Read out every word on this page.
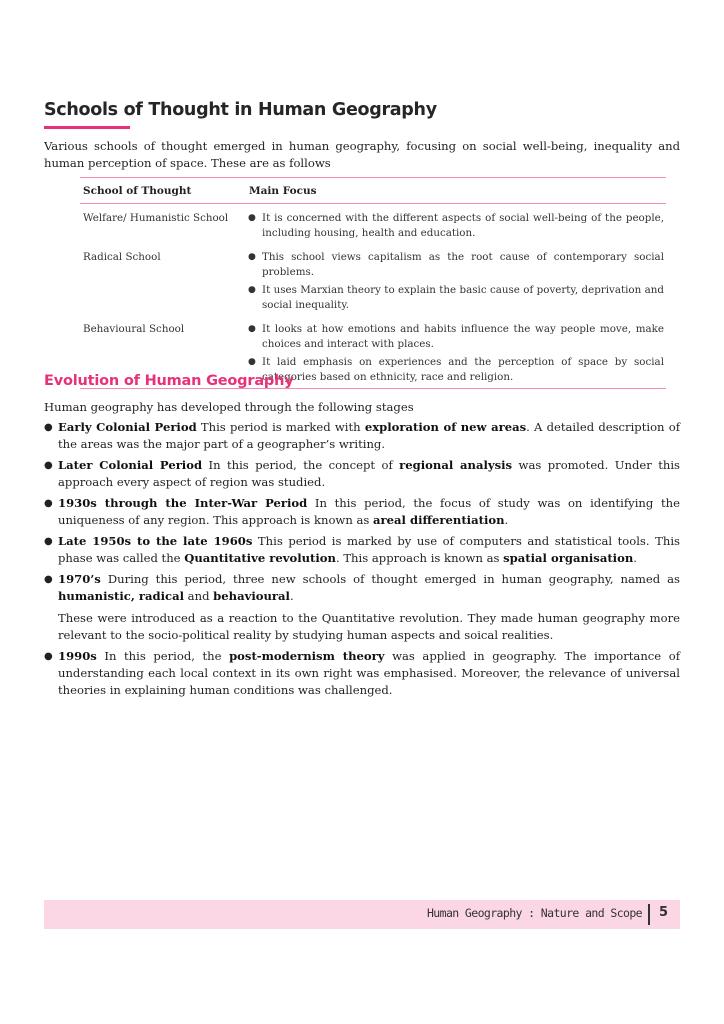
Schools of Thought in Human Geography

Various schools of thought emerged in human geography, focusing on social well-being, inequality and human perception of space. These are as follows

School of Thought	Main Focus
Welfare/ Humanistic School	● It is concerned with the different aspects of social well-being of the people, including housing, health and education.
Radical School	● This school views capitalism as the root cause of contemporary social problems.
● It uses Marxian theory to explain the basic cause of poverty, deprivation and social inequality.
Behavioural School	● It looks at how emotions and habits influence the way people move, make choices and interact with places.
● It laid emphasis on experiences and the perception of space by social categories based on ethnicity, race and religion.
Evolution of Human Geography

Human geography has developed through the following stages

● Early Colonial Period This period is marked with exploration of new areas. A detailed description of the areas was the major part of a geographer’s writing.
● Later Colonial Period In this period, the concept of regional analysis was promoted. Under this approach every aspect of region was studied.
● 1930s through the Inter-War Period In this period, the focus of study was on identifying the uniqueness of any region. This approach is known as areal differentiation.
● Late 1950s to the late 1960s This period is marked by use of computers and statistical tools. This phase was called the Quantitative revolution. This approach is known as spatial organisation.
● 1970’s During this period, three new schools of thought emerged in human geography, named as humanistic, radical and behavioural.
These were introduced as a reaction to the Quantitative revolution. They made human geography more relevant to the socio-political reality by studying human aspects and soical realities.
● 1990s In this period, the post-modernism theory was applied in geography. The importance of understanding each local context in its own right was emphasised. Moreover, the relevance of universal theories in explaining human conditions was challenged.
Human Geography : Nature and Scope 5
